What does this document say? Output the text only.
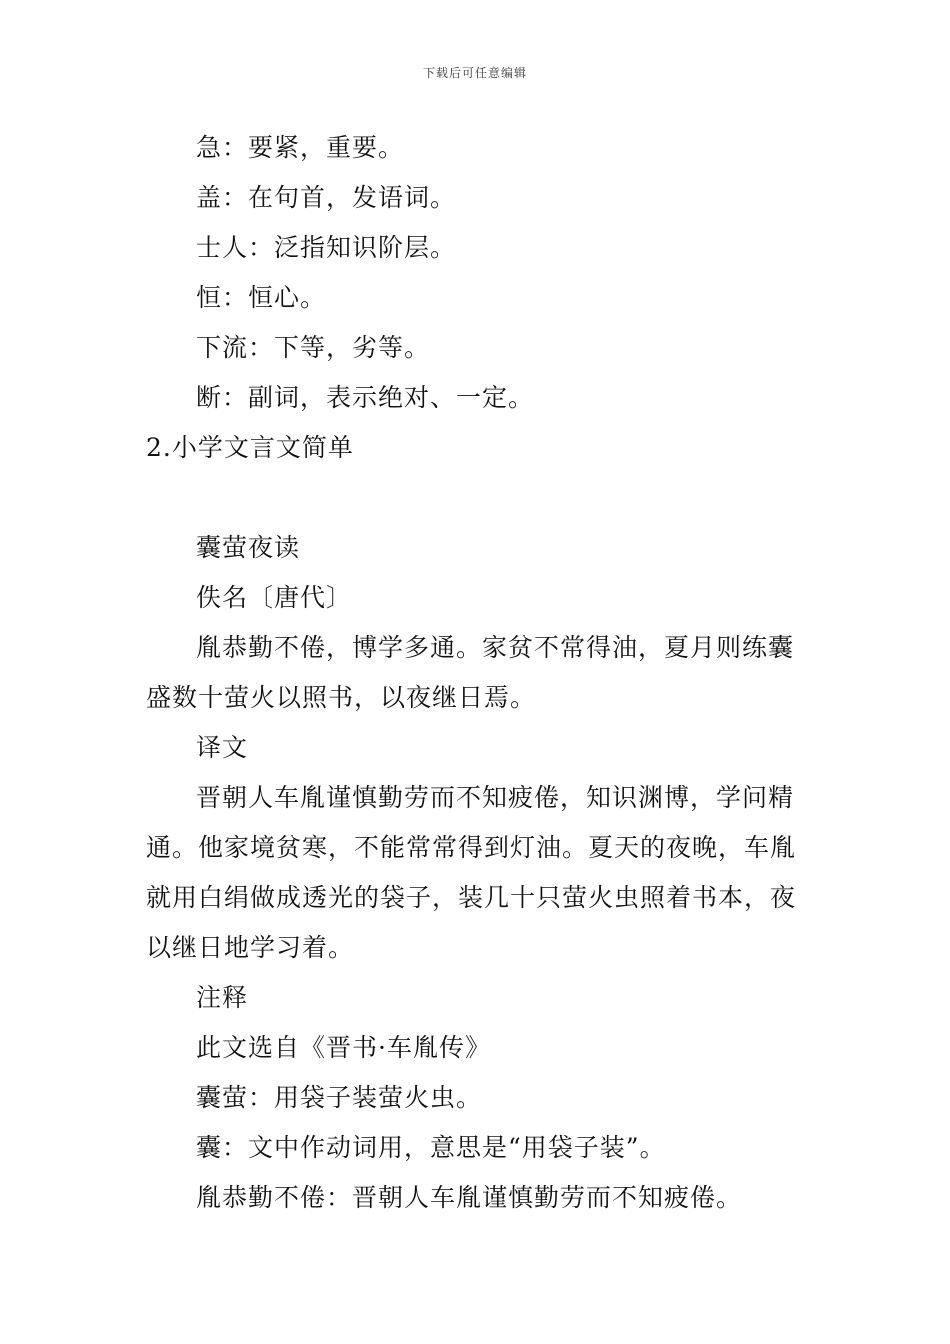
下载后可任意编辑
急：要紧，重要。
盖：在句首，发语词。
士人：泛指知识阶层。
恒：恒心。
下流：下等，劣等。
断：副词，表示绝对、一定。
2.小学文言文简单
囊萤夜读
佚名〔唐代〕
胤恭勤不倦，博学多通。家贫不常得油，夏月则练囊
盛数十萤火以照书，以夜继日焉。
译文
晋朝人车胤谨慎勤劳而不知疲倦，知识渊博，学问精
通。他家境贫寒，不能常常得到灯油。夏天的夜晚，车胤
就用白绢做成透光的袋子，装几十只萤火虫照着书本，夜
以继日地学习着。
注释
此文选自《晋书·车胤传》
囊萤：用袋子装萤火虫。
囊：文中作动词用，意思是“用袋子装”。
胤恭勤不倦：晋朝人车胤谨慎勤劳而不知疲倦。
